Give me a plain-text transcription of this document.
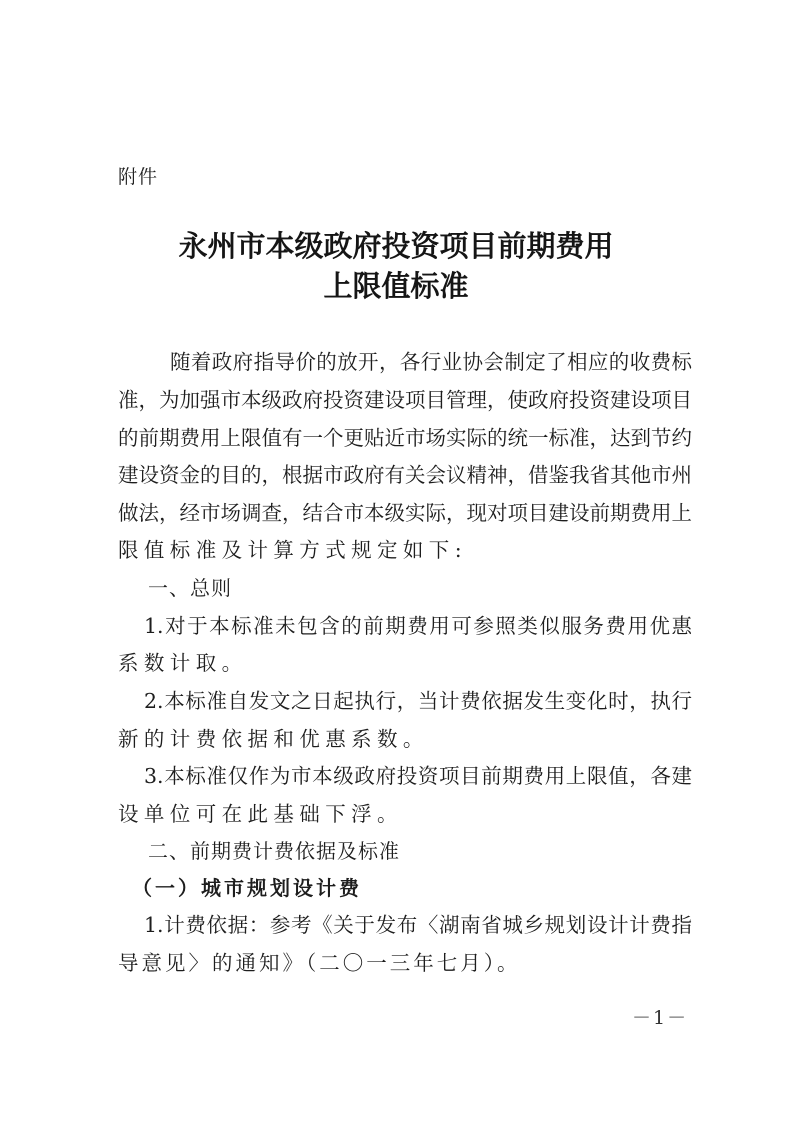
附件
永州市本级政府投资项目前期费用
上限值标准
随着政府指导价的放开，各行业协会制定了相应的收费标
准，为加强市本级政府投资建设项目管理，使政府投资建设项目
的前期费用上限值有一个更贴近市场实际的统一标准，达到节约
建设资金的目的，根据市政府有关会议精神，借鉴我省其他市州
做法，经市场调查，结合市本级实际，现对项目建设前期费用上
限值标准及计算方式规定如下:
一、总则
1.对于本标准未包含的前期费用可参照类似服务费用优惠
系数计取。
2.本标准自发文之日起执行，当计费依据发生变化时，执行
新的计费依据和优惠系数。
3.本标准仅作为市本级政府投资项目前期费用上限值，各建
设单位可在此基础下浮。
二、前期费计费依据及标准
（一）城市规划设计费
1.计费依据：参考《关于发布〈湖南省城乡规划设计计费指
导意见〉的通知》（二〇一三年七月）。
－1－
